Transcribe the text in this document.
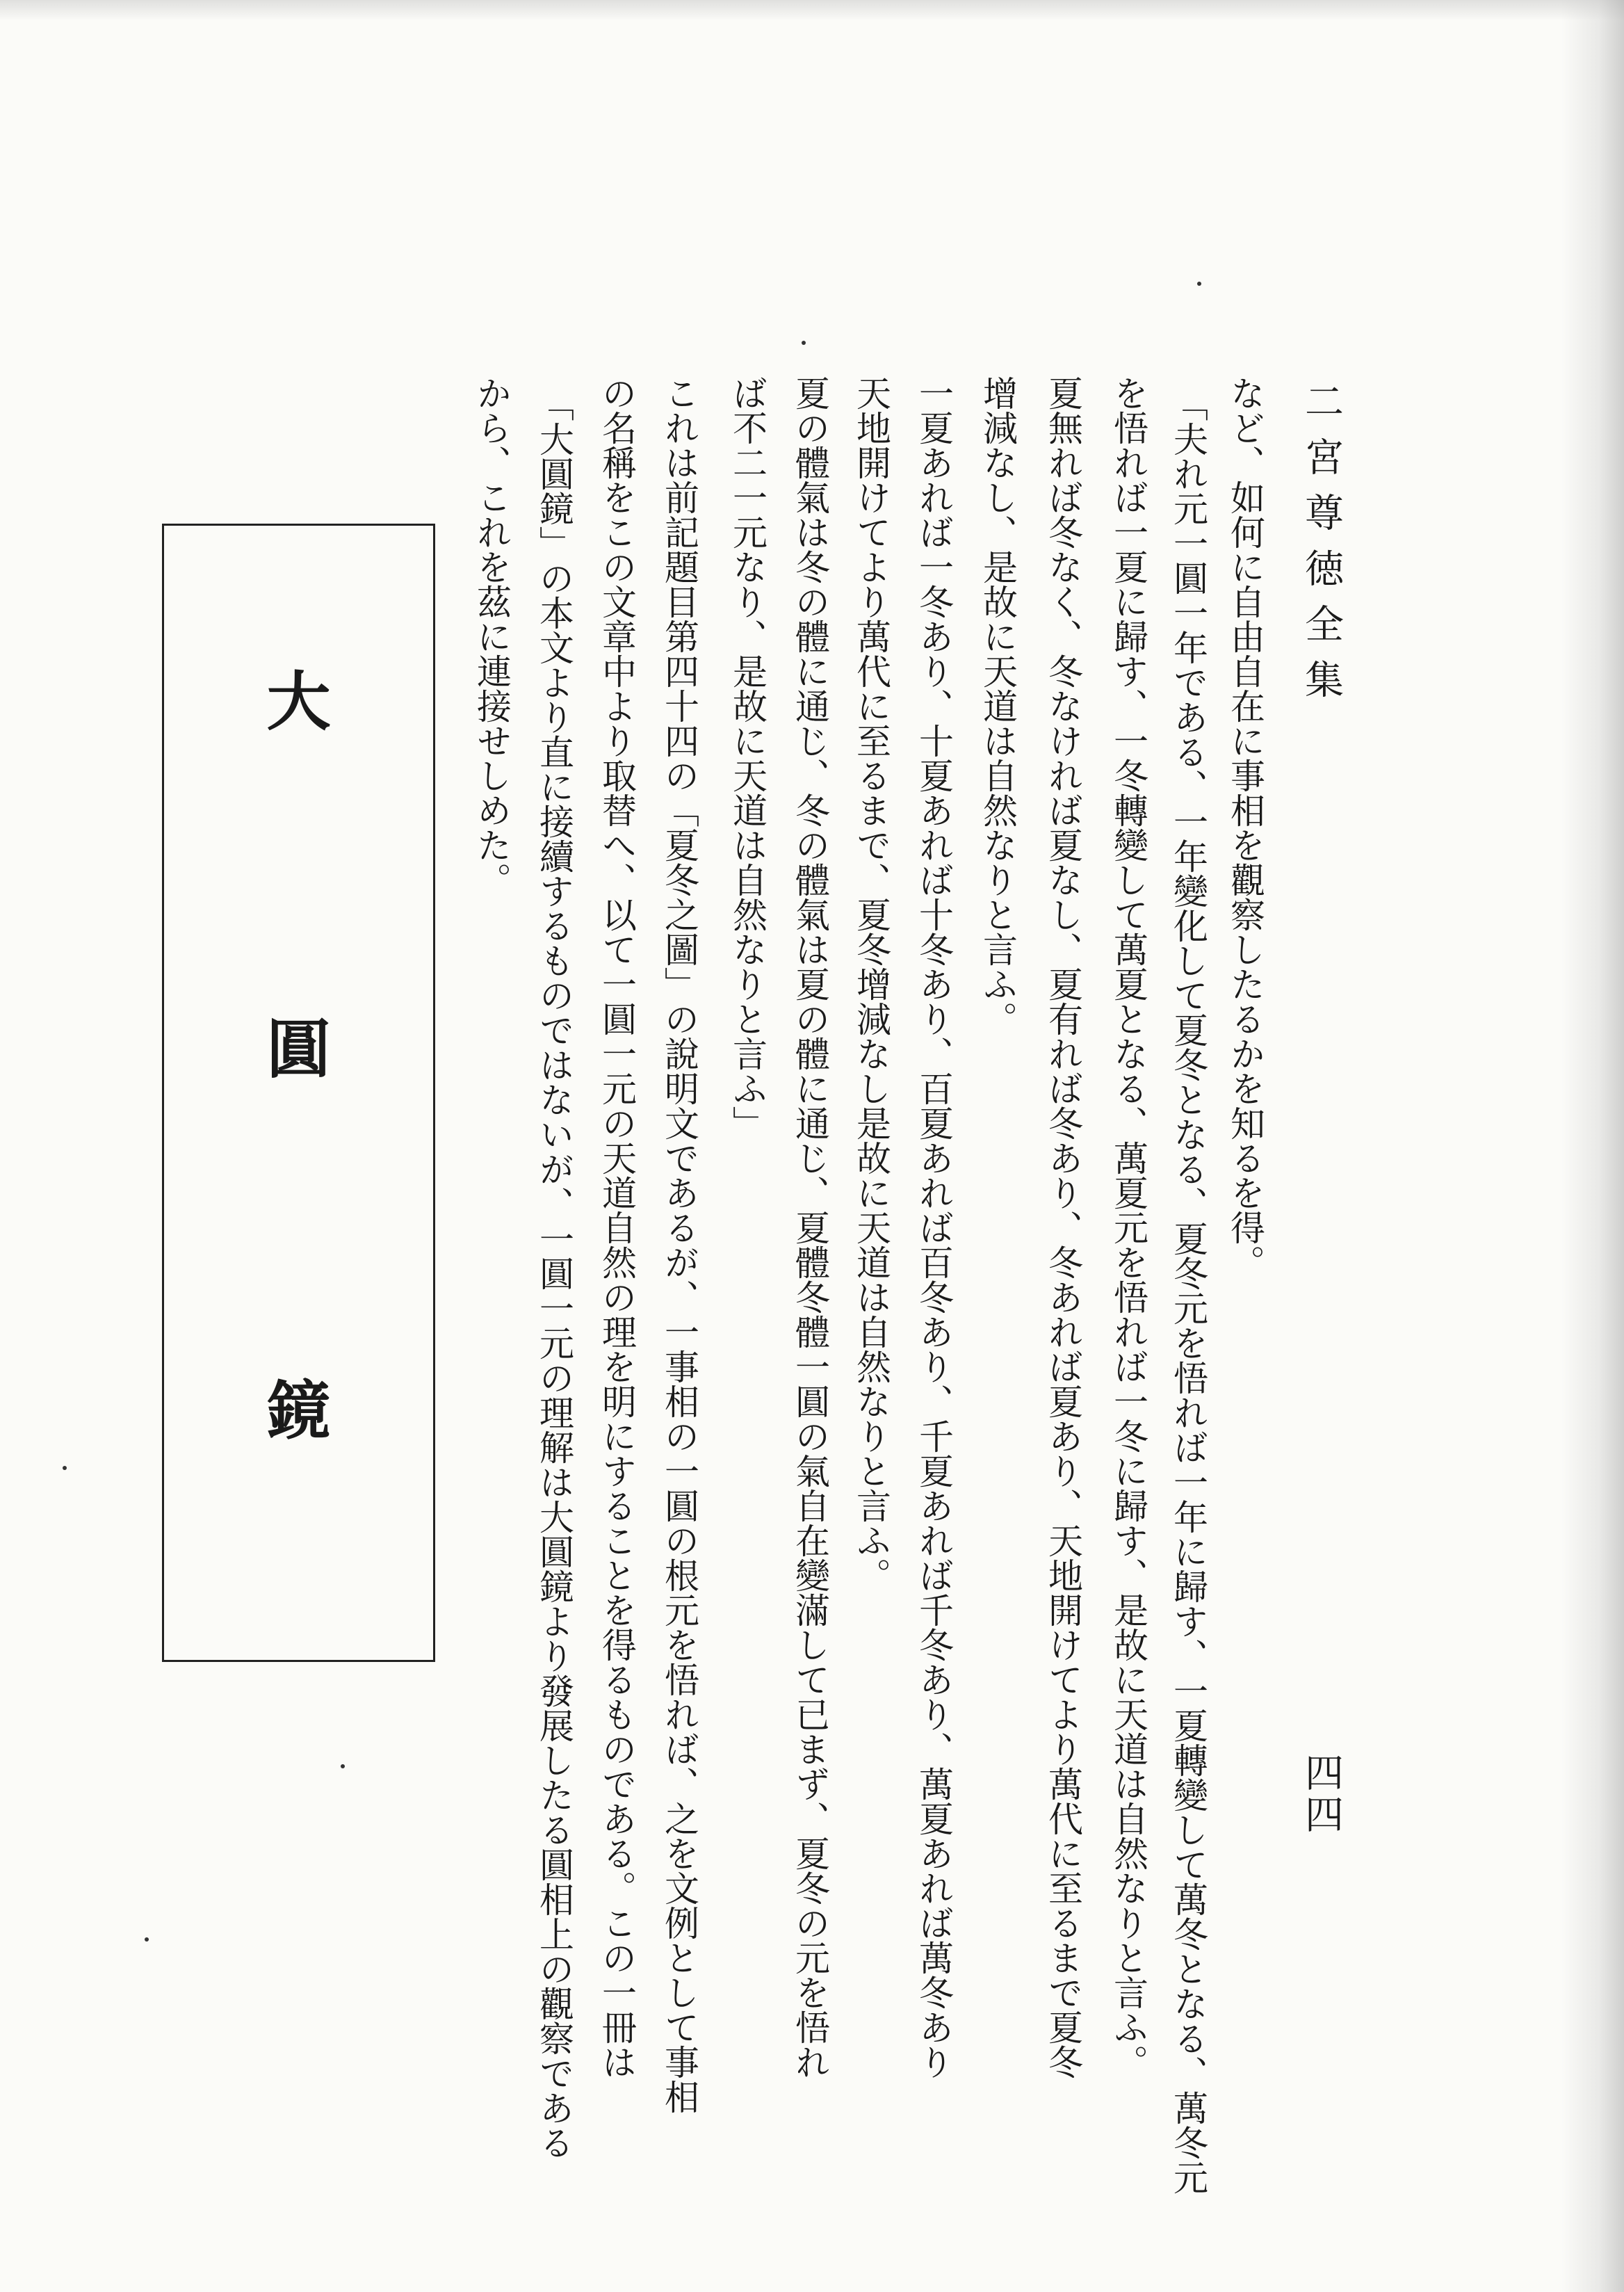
二宮尊徳全集
四四
など、如何に自由自在に事相を觀察したるかを知るを得。
「夫れ元一圓一年である、一年變化して夏冬となる、夏冬元を悟れば一年に歸す、一夏轉變して萬冬となる、萬冬元
を悟れば一夏に歸す、一冬轉變して萬夏となる、萬夏元を悟れば一冬に歸す、是故に天道は自然なりと言ふ。
夏無れば冬なく、冬なければ夏なし、夏有れば冬あり、冬あれば夏あり、天地開けてより萬代に至るまで夏冬
增減なし、是故に天道は自然なりと言ふ。
一夏あれば一冬あり、十夏あれば十冬あり、百夏あれば百冬あり、千夏あれば千冬あり、萬夏あれば萬冬あり
天地開けてより萬代に至るまで、夏冬增減なし是故に天道は自然なりと言ふ。
夏の體氣は冬の體に通じ、冬の體氣は夏の體に通じ、夏體冬體一圓の氣自在變滿して已まず、夏冬の元を悟れ
ば不二一元なり、是故に天道は自然なりと言ふ」
これは前記題目第四十四の「夏冬之圖」の說明文であるが、一事相の一圓の根元を悟れば、之を文例として事相
の名稱をこの文章中より取替へ、以て一圓一元の天道自然の理を明にすることを得るものである。この一冊は
「大圓鏡」の本文より直に接續するものではないが、一圓一元の理解は大圓鏡より發展したる圓相上の觀察である
から、これを茲に連接せしめた。
大
圓
鏡
